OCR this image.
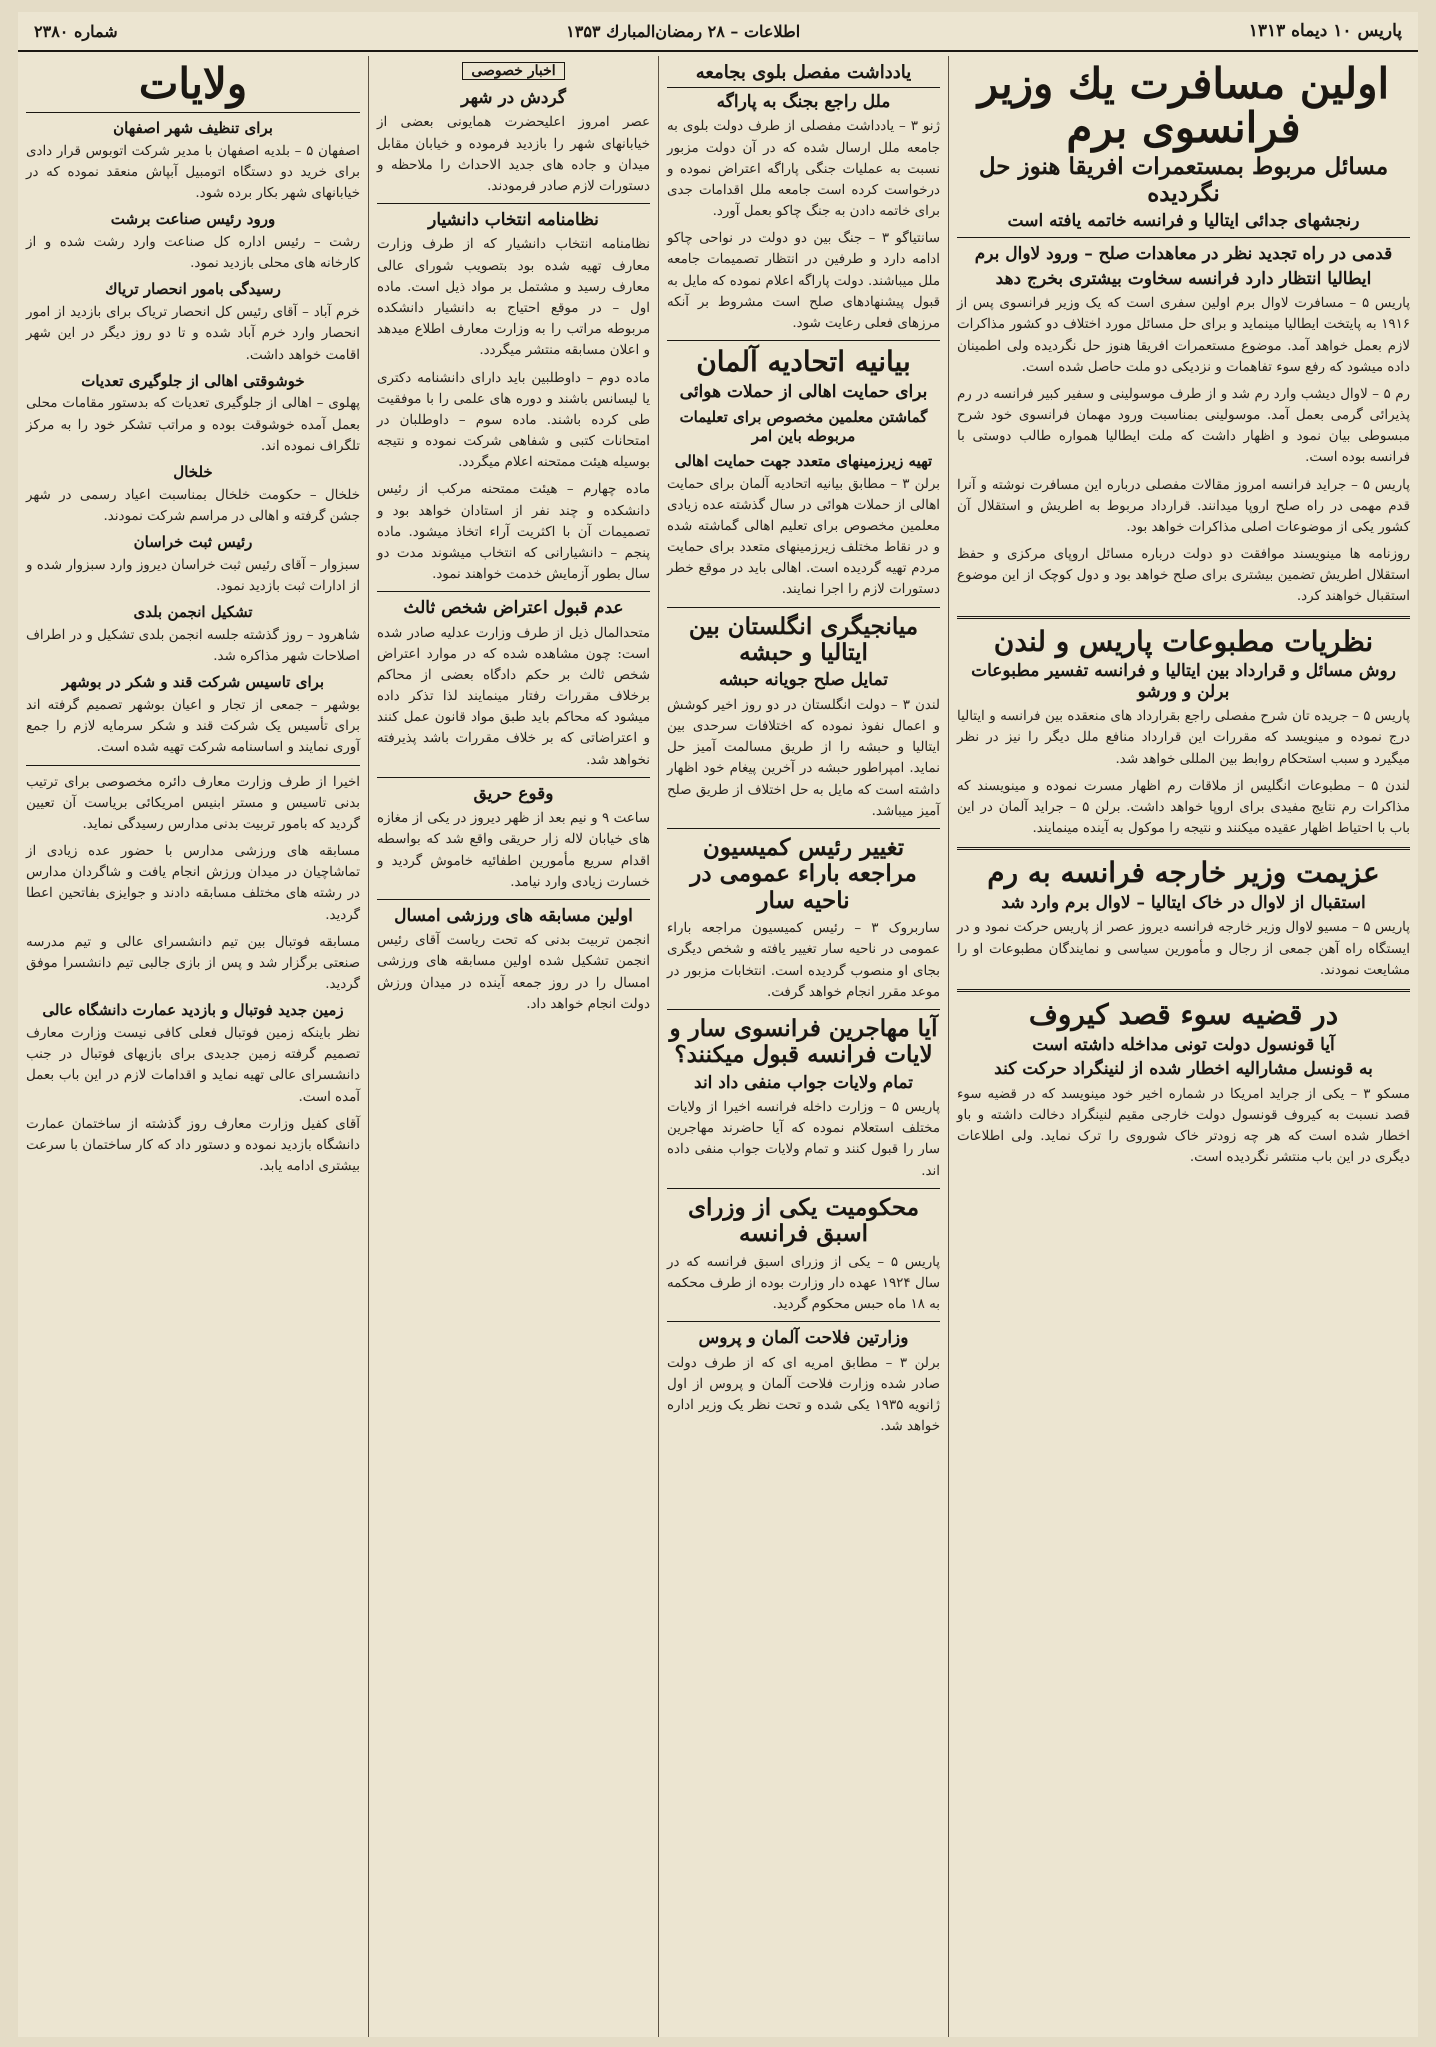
پاریس ۱۰ دیماه ۱۳۱۳
اطلاعات – ۲۸ رمضان‌المبارك ۱۳۵۳
شماره ۲۳۸۰
اولین مسافرت یك وزیر فرانسوی برم
مسائل مربوط بمستعمرات افریقا هنوز حل نگردیده
رنجشهای جدائی ایتالیا و فرانسه خاتمه یافته است
قدمی در راه تجدید نظر در معاهدات صلح – ورود لاوال برم
ایطالیا انتظار دارد فرانسه سخاوت بیشتری بخرج دهد

پاریس ۵ – مسافرت لاوال برم اولین سفری است که یک وزیر فرانسوی پس از ۱۹۱۶ به پایتخت ایطالیا مینماید و برای حل مسائل مورد اختلاف دو کشور مذاکرات لازم بعمل خواهد آمد. موضوع مستعمرات افریقا هنوز حل نگردیده ولی اطمینان داده میشود که رفع سوء تفاهمات و نزدیکی دو ملت حاصل شده است.

رم ۵ – لاوال دیشب وارد رم شد و از طرف موسولینی و سفیر کبیر فرانسه در رم پذیرائی گرمی بعمل آمد. موسولینی بمناسبت ورود مهمان فرانسوی خود شرح مبسوطی بیان نمود و اظهار داشت که ملت ایطالیا همواره طالب دوستی با فرانسه بوده است.

پاریس ۵ – جراید فرانسه امروز مقالات مفصلی درباره این مسافرت نوشته و آنرا قدم مهمی در راه صلح اروپا میدانند. قرارداد مربوط به اطریش و استقلال آن کشور یکی از موضوعات اصلی مذاکرات خواهد بود.

روزنامه ها مینویسند موافقت دو دولت درباره مسائل اروپای مرکزی و حفظ استقلال اطریش تضمین بیشتری برای صلح خواهد بود و دول کوچک از این موضوع استقبال خواهند کرد.

نظریات مطبوعات پاریس و لندن
روش مسائل و قرارداد بین ایتالیا و فرانسه تفسیر مطبوعات برلن و ورشو

پاریس ۵ – جریده تان شرح مفصلی راجع بقرارداد های منعقده بین فرانسه و ایتالیا درج نموده و مینویسد که مقررات این قرارداد منافع ملل دیگر را نیز در نظر میگیرد و سبب استحکام روابط بین المللی خواهد شد.

لندن ۵ – مطبوعات انگلیس از ملاقات رم اظهار مسرت نموده و مینویسند که مذاکرات رم نتایج مفیدی برای اروپا خواهد داشت. برلن ۵ – جراید آلمان در این باب با احتیاط اظهار عقیده میکنند و نتیجه را موکول به آینده مینمایند.

عزیمت وزیر خارجه فرانسه به رم
استقبال از لاوال در خاک ایتالیا – لاوال برم وارد شد

پاریس ۵ – مسیو لاوال وزیر خارجه فرانسه دیروز عصر از پاریس حرکت نمود و در ایستگاه راه آهن جمعی از رجال و مأمورین سیاسی و نمایندگان مطبوعات او را مشایعت نمودند.

در قضیه سوء قصد کیروف
آیا قونسول دولت تونی مداخله داشته است
به قونسل مشارالیه اخطار شده از لنینگراد حرکت کند

مسکو ۳ – یکی از جراید امریکا در شماره اخیر خود مینویسد که در قضیه سوء قصد نسبت به کیروف قونسول دولت خارجی مقیم لنینگراد دخالت داشته و باو اخطار شده است که هر چه زودتر خاک شوروی را ترک نماید. ولی اطلاعات دیگری در این باب منتشر نگردیده است.

یادداشت مفصل بلوی بجامعه
ملل راجع بجنگ به پاراگه

ژنو ۳ – یادداشت مفصلی از طرف دولت بلوی به جامعه ملل ارسال شده که در آن دولت مزبور نسبت به عملیات جنگی پاراگه اعتراض نموده و درخواست کرده است جامعه ملل اقدامات جدی برای خاتمه دادن به جنگ چاکو بعمل آورد.

سانتیاگو ۳ – جنگ بین دو دولت در نواحی چاکو ادامه دارد و طرفین در انتظار تصمیمات جامعه ملل میباشند. دولت پاراگه اعلام نموده که مایل به قبول پیشنهادهای صلح است مشروط بر آنکه مرزهای فعلی رعایت شود.

بیانیه اتحادیه آلمان
برای حمایت اهالی از حملات هوائی
گماشتن معلمین مخصوص برای تعلیمات مربوطه باین امر
تهیه زیرزمینهای متعدد جهت حمایت اهالی

برلن ۳ – مطابق بیانیه اتحادیه آلمان برای حمایت اهالی از حملات هوائی در سال گذشته عده زیادی معلمین مخصوص برای تعلیم اهالی گماشته شده و در نقاط مختلف زیرزمینهای متعدد برای حمایت مردم تهیه گردیده است. اهالی باید در موقع خطر دستورات لازم را اجرا نمایند.

میانجیگری انگلستان بین ایتالیا و حبشه
تمایل صلح جویانه حبشه

لندن ۳ – دولت انگلستان در دو روز اخیر کوشش و اعمال نفوذ نموده که اختلافات سرحدی بین ایتالیا و حبشه را از طریق مسالمت آمیز حل نماید. امپراطور حبشه در آخرین پیغام خود اظهار داشته است که مایل به حل اختلاف از طریق صلح آمیز میباشد.

تغییر رئیس کمیسیون مراجعه باراء عمومی در ناحیه سار

ساربروک ۳ – رئیس کمیسیون مراجعه باراء عمومی در ناحیه سار تغییر یافته و شخص دیگری بجای او منصوب گردیده است. انتخابات مزبور در موعد مقرر انجام خواهد گرفت.

آیا مهاجرین فرانسوی سار و لایات فرانسه قبول میکنند؟
تمام ولایات جواب منفی داد اند

پاریس ۵ – وزارت داخله فرانسه اخیرا از ولایات مختلف استعلام نموده که آیا حاضرند مهاجرین سار را قبول کنند و تمام ولایات جواب منفی داده اند.

محکومیت یکی از وزرای اسبق فرانسه

پاریس ۵ – یکی از وزرای اسبق فرانسه که در سال ۱۹۲۴ عهده دار وزارت بوده از طرف محکمه به ۱۸ ماه حبس محکوم گردید.

وزارتین فلاحت آلمان و پروس

برلن ۳ – مطابق امریه ای که از طرف دولت صادر شده وزارت فلاحت آلمان و پروس از اول ژانویه ۱۹۳۵ یکی شده و تحت نظر یک وزیر اداره خواهد شد.

اخبار خصوصی
گردش در شهر

عصر امروز اعلیحضرت همایونی بعضی از خیابانهای شهر را بازدید فرموده و خیابان مقابل میدان و جاده های جدید الاحداث را ملاحظه و دستورات لازم صادر فرمودند.

نظامنامه انتخاب دانشیار

نظامنامه انتخاب دانشیار که از طرف وزارت معارف تهیه شده بود بتصویب شورای عالی معارف رسید و مشتمل بر مواد ذیل است. ماده اول – در موقع احتیاج به دانشیار دانشکده مربوطه مراتب را به وزارت معارف اطلاع میدهد و اعلان مسابقه منتشر میگردد.

ماده دوم – داوطلبین باید دارای دانشنامه دکتری یا لیسانس باشند و دوره های علمی را با موفقیت طی کرده باشند. ماده سوم – داوطلبان در امتحانات کتبی و شفاهی شرکت نموده و نتیجه بوسیله هیئت ممتحنه اعلام میگردد.

ماده چهارم – هیئت ممتحنه مرکب از رئیس دانشکده و چند نفر از استادان خواهد بود و تصمیمات آن با اکثریت آراء اتخاذ میشود. ماده پنجم – دانشیارانی که انتخاب میشوند مدت دو سال بطور آزمایش خدمت خواهند نمود.

عدم قبول اعتراض شخص ثالث

متحدالمال ذیل از طرف وزارت عدلیه صادر شده است: چون مشاهده شده که در موارد اعتراض شخص ثالث بر حکم دادگاه بعضی از محاکم برخلاف مقررات رفتار مینمایند لذا تذکر داده میشود که محاکم باید طبق مواد قانون عمل کنند و اعتراضاتی که بر خلاف مقررات باشد پذیرفته نخواهد شد.

وقوع حریق

ساعت ۹ و نیم بعد از ظهر دیروز در یکی از مغازه های خیابان لاله زار حریقی واقع شد که بواسطه اقدام سریع مأمورین اطفائیه خاموش گردید و خسارت زیادی وارد نیامد.

اولین مسابقه های ورزشی امسال

انجمن تربیت بدنی که تحت ریاست آقای رئیس انجمن تشکیل شده اولین مسابقه های ورزشی امسال را در روز جمعه آینده در میدان ورزش دولت انجام خواهد داد.

ولایات
برای تنظیف شهر اصفهان

اصفهان ۵ – بلدیه اصفهان با مدیر شرکت اتوبوس قرار دادی برای خرید دو دستگاه اتومبیل آبپاش منعقد نموده که در خیابانهای شهر بکار برده شود.

ورود رئیس صناعت برشت

رشت – رئیس اداره کل صناعت وارد رشت شده و از کارخانه های محلی بازدید نمود.

رسیدگی بامور انحصار تریاك

خرم آباد – آقای رئیس کل انحصار تریاک برای بازدید از امور انحصار وارد خرم آباد شده و تا دو روز دیگر در این شهر اقامت خواهد داشت.

خوشوقتی اهالی از جلوگیری تعدیات

پهلوی – اهالی از جلوگیری تعدیات که بدستور مقامات محلی بعمل آمده خوشوقت بوده و مراتب تشکر خود را به مرکز تلگراف نموده اند.

خلخال

خلخال – حکومت خلخال بمناسبت اعیاد رسمی در شهر جشن گرفته و اهالی در مراسم شرکت نمودند.

رئیس ثبت خراسان

سبزوار – آقای رئیس ثبت خراسان دیروز وارد سبزوار شده و از ادارات ثبت بازدید نمود.

تشکیل انجمن بلدی

شاهرود – روز گذشته جلسه انجمن بلدی تشکیل و در اطراف اصلاحات شهر مذاکره شد.

برای تاسیس شرکت قند و شکر در بوشهر

بوشهر – جمعی از تجار و اعیان بوشهر تصمیم گرفته اند برای تأسیس یک شرکت قند و شکر سرمایه لازم را جمع آوری نمایند و اساسنامه شرکت تهیه شده است.

اخیرا از طرف وزارت معارف دائره مخصوصی برای ترتیب بدنی تاسیس و مستر ابنیس امریکائی بریاست آن تعیین گردید که بامور تربیت بدنی مدارس رسیدگی نماید.

مسابقه های ورزشی مدارس با حضور عده زیادی از تماشاچیان در میدان ورزش انجام یافت و شاگردان مدارس در رشته های مختلف مسابقه دادند و جوایزی بفاتحین اعطا گردید.

مسابقه فوتبال بین تیم دانشسرای عالی و تیم مدرسه صنعتی برگزار شد و پس از بازی جالبی تیم دانشسرا موفق گردید.

زمین جدید فوتبال و بازدید عمارت دانشگاه عالی

نظر باینکه زمین فوتبال فعلی کافی نیست وزارت معارف تصمیم گرفته زمین جدیدی برای بازیهای فوتبال در جنب دانشسرای عالی تهیه نماید و اقدامات لازم در این باب بعمل آمده است.

آقای کفیل وزارت معارف روز گذشته از ساختمان عمارت دانشگاه بازدید نموده و دستور داد که کار ساختمان با سرعت بیشتری ادامه یابد.
